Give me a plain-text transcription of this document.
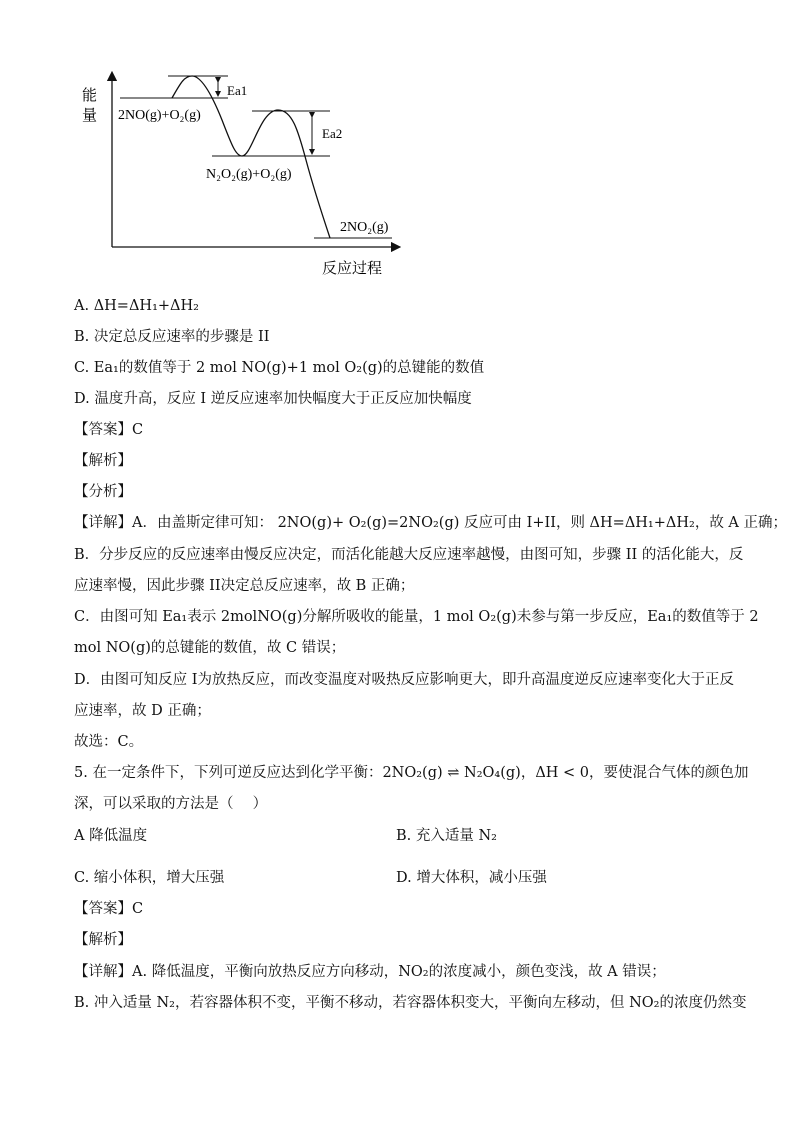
能
量
反应过程
Ea1
Ea2
2NO(g)+O₂(g)
N₂O₂(g)+O₂(g)
2NO₂(g)
A. ΔH=ΔH₁+ΔH₂
B. 决定总反应速率的步骤是 II
C. Ea₁的数值等于 2 mol NO(g)+1 mol O₂(g)的总键能的数值
D. 温度升高，反应 I 逆反应速率加快幅度大于正反应加快幅度
【答案】C
【解析】
【分析】
【详解】A．由盖斯定律可知： 2NO(g)+ O₂(g)=2NO₂(g) 反应可由 I+II，则 ΔH=ΔH₁+ΔH₂，故 A 正确；
B．分步反应的反应速率由慢反应决定，而活化能越大反应速率越慢，由图可知，步骤 II 的活化能大，反
应速率慢，因此步骤 II决定总反应速率，故 B 正确；
C．由图可知 Ea₁表示 2molNO(g)分解所吸收的能量，1 mol O₂(g)未参与第一步反应，Ea₁的数值等于 2
mol NO(g)的总键能的数值，故 C 错误；
D．由图可知反应 I为放热反应，而改变温度对吸热反应影响更大，即升高温度逆反应速率变化大于正反
应速率，故 D 正确；
故选：C。
5. 在一定条件下，下列可逆反应达到化学平衡：2NO₂(g) ⇌ N₂O₄(g)，ΔH < 0，要使混合气体的颜色加
深，可以采取的方法是（　 ）
A 降低温度	B. 充入适量 N₂
C. 缩小体积，增大压强	D. 增大体积，减小压强
【答案】C
【解析】
【详解】A. 降低温度，平衡向放热反应方向移动，NO₂的浓度减小，颜色变浅，故 A 错误；
B. 冲入适量 N₂，若容器体积不变，平衡不移动，若容器体积变大，平衡向左移动，但 NO₂的浓度仍然变
